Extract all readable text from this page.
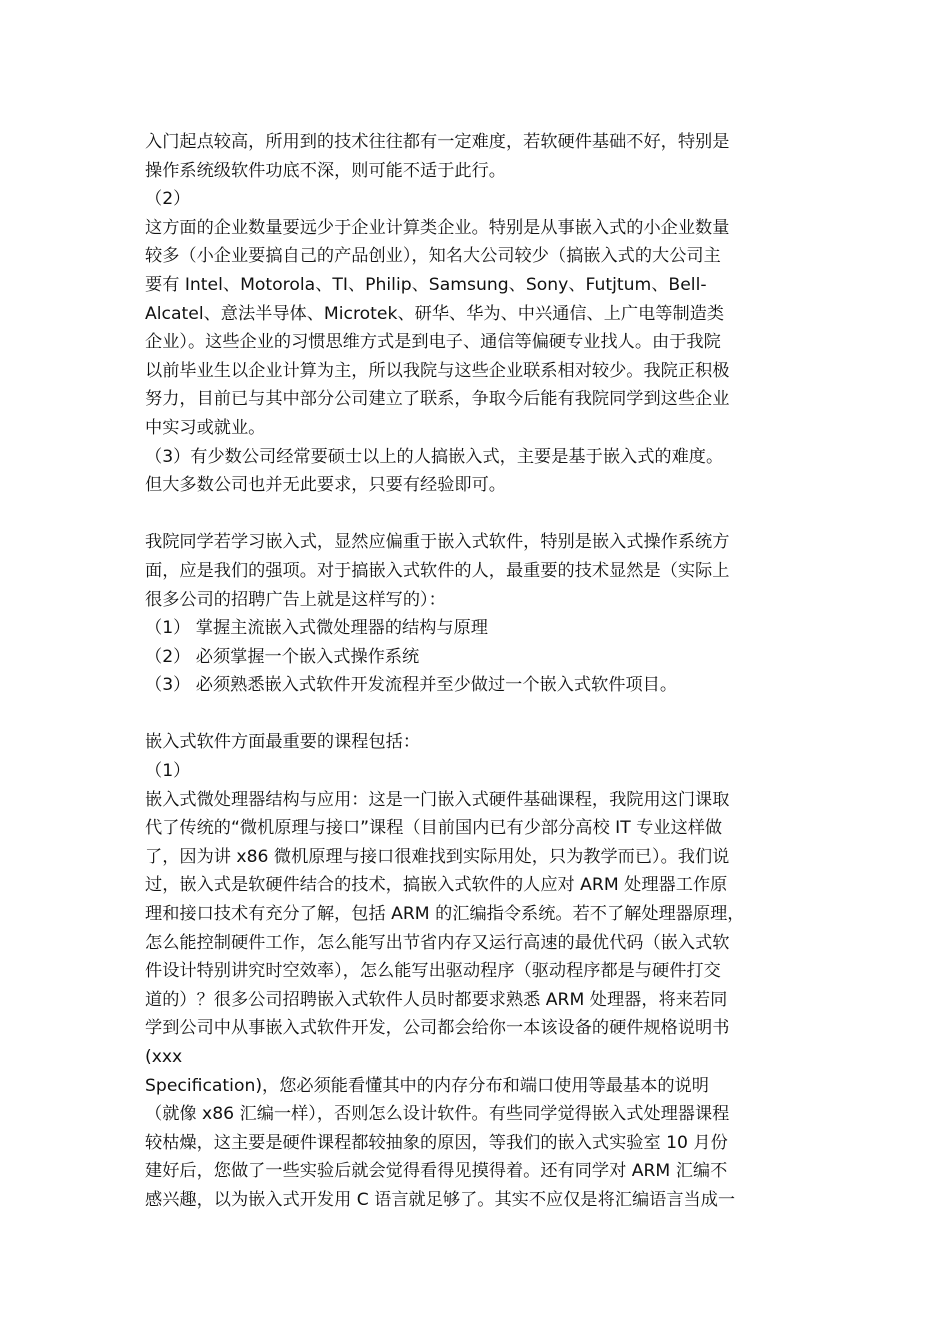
入门起点较高，所用到的技术往往都有一定难度，若软硬件基础不好，特别是
操作系统级软件功底不深，则可能不适于此行。
（2）
这方面的企业数量要远少于企业计算类企业。特别是从事嵌入式的小企业数量
较多（小企业要搞自己的产品创业），知名大公司较少（搞嵌入式的大公司主
要有 Intel、Motorola、TI、Philip、Samsung、Sony、Futjtum、Bell-
Alcatel、意法半导体、Microtek、研华、华为、中兴通信、上广电等制造类
企业）。这些企业的习惯思维方式是到电子、通信等偏硬专业找人。由于我院
以前毕业生以企业计算为主，所以我院与这些企业联系相对较少。我院正积极
努力，目前已与其中部分公司建立了联系，争取今后能有我院同学到这些企业
中实习或就业。
（3）有少数公司经常要硕士以上的人搞嵌入式，主要是基于嵌入式的难度。
但大多数公司也并无此要求，只要有经验即可。
我院同学若学习嵌入式，显然应偏重于嵌入式软件，特别是嵌入式操作系统方
面，应是我们的强项。对于搞嵌入式软件的人，最重要的技术显然是（实际上
很多公司的招聘广告上就是这样写的）：
（1） 掌握主流嵌入式微处理器的结构与原理
（2） 必须掌握一个嵌入式操作系统
（3） 必须熟悉嵌入式软件开发流程并至少做过一个嵌入式软件项目。
嵌入式软件方面最重要的课程包括：
（1）
嵌入式微处理器结构与应用：这是一门嵌入式硬件基础课程，我院用这门课取
代了传统的“微机原理与接口”课程（目前国内已有少部分高校 IT 专业这样做
了，因为讲 x86 微机原理与接口很难找到实际用处，只为教学而已）。我们说
过，嵌入式是软硬件结合的技术，搞嵌入式软件的人应对 ARM 处理器工作原
理和接口技术有充分了解，包括 ARM 的汇编指令系统。若不了解处理器原理，
怎么能控制硬件工作，怎么能写出节省内存又运行高速的最优代码（嵌入式软
件设计特别讲究时空效率），怎么能写出驱动程序（驱动程序都是与硬件打交
道的）？很多公司招聘嵌入式软件人员时都要求熟悉 ARM 处理器，将来若同
学到公司中从事嵌入式软件开发，公司都会给你一本该设备的硬件规格说明书
(xxx
Specification)，您必须能看懂其中的内存分布和端口使用等最基本的说明
（就像 x86 汇编一样），否则怎么设计软件。有些同学觉得嵌入式处理器课程
较枯燥，这主要是硬件课程都较抽象的原因，等我们的嵌入式实验室 10 月份
建好后，您做了一些实验后就会觉得看得见摸得着。还有同学对 ARM 汇编不
感兴趣，以为嵌入式开发用 C 语言就足够了。其实不应仅是将汇编语言当成一
